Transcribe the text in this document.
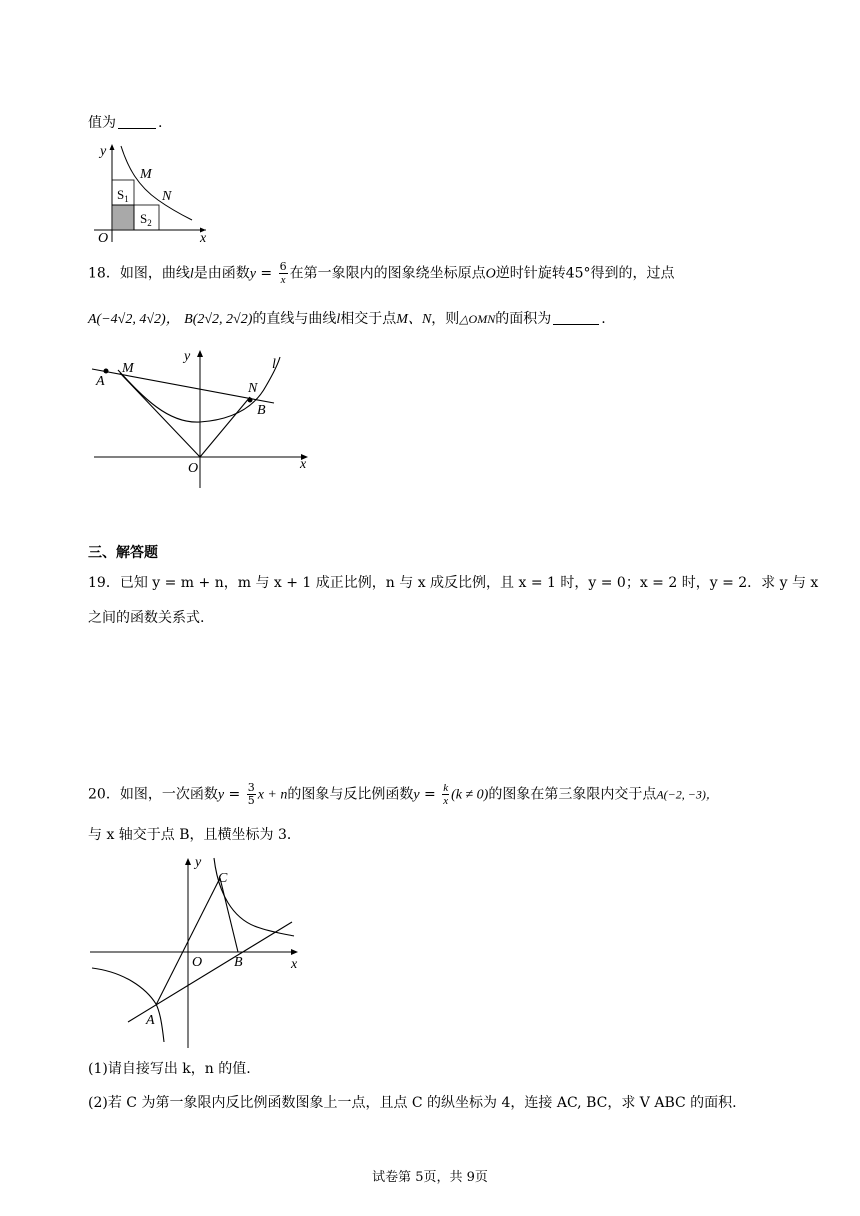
值为	.
y
x
O
M
N
$S_1$
$S_2$
18．如图，曲线l是由函数$y = \frac{6}{x}$ 在第一象限内的图象绕坐标原点O逆时针旋转45°得到的，过点
A(−4√2, 4√2)， B(2√2, 2√2)的直线与曲线l相交于点M、N，则△OMN的面积为	.
M
A	N
B
l
O	x
y
三、解答题
19．已知 y = m + n，m 与 x + 1 成正比例，n 与 x 成反比例，且 x = 1 时，y = 0；x = 2 时，y = 2．求 y 与 x
之间的函数关系式.
20．如图，一次函数$y = \frac{3}{5}$ x + n的图象与反比例函数$y = \frac{k}{x} (k \ne 0)$的图象在第三象限内交于点A(−2, −3)，
与 x 轴交于点 B，且横坐标为 3．
y
x
O B
C
A
(1)请自接写出 k，n 的值.
(2)若 C 为第一象限内反比例函数图象上一点，且点 C 的纵坐标为 4，连接 AC, BC，求 V ABC 的面积.
试卷第 5页，共 9页
